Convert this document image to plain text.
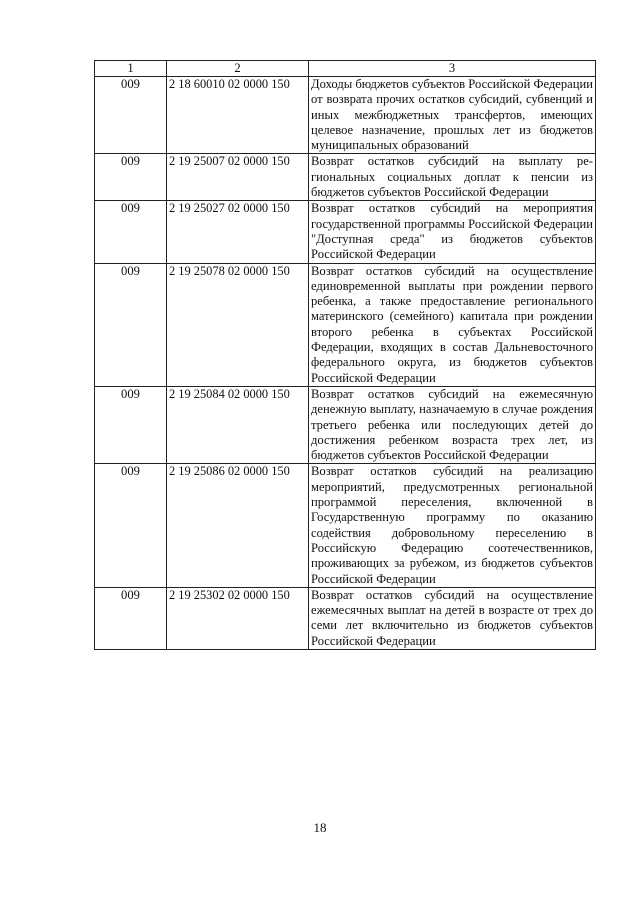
1	2	3
009	2 18 60010 02 0000 150	Доходы бюджетов субъектов Российской Федерации от возврата прочих остатков субсидий, субвенций и иных межбюджетных трансфертов, имеющих целевое назначение, прошлых лет из бюджетов муниципальных образований
009	2 19 25007 02 0000 150	Возврат остатков субсидий на выплату региональных социальных доплат к пенсии из бюджетов субъектов Российской Федерации
009	2 19 25027 02 0000 150	Возврат остатков субсидий на мероприятия государственной программы Российской Федерации "Доступная среда" из бюджетов субъектов Российской Федерации
009	2 19 25078 02 0000 150	Возврат остатков субсидий на осуществление единовременной выплаты при рождении первого ребенка, а также предоставление регионального материнского (семейного) капитала при рождении второго ребенка в субъектах Российской Федерации, входящих в состав Дальневосточного федерального округа, из бюджетов субъектов Российской Федерации
009	2 19 25084 02 0000 150	Возврат остатков субсидий на ежемесячную денежную выплату, назначаемую в случае рождения третьего ребенка или последующих детей до достижения ребенком возраста трех лет, из бюджетов субъектов Российской Федерации
009	2 19 25086 02 0000 150	Возврат остатков субсидий на реализацию мероприятий, предусмотренных региональной программой переселения, включенной в Государственную программу по оказанию содействия добровольному переселению в Российскую Федерацию соотечественников, проживающих за рубежом, из бюджетов субъектов Российской Федерации
009	2 19 25302 02 0000 150	Возврат остатков субсидий на осуществление ежемесячных выплат на детей в возрасте от трех до семи лет включительно из бюджетов субъектов Российской Федерации
18
